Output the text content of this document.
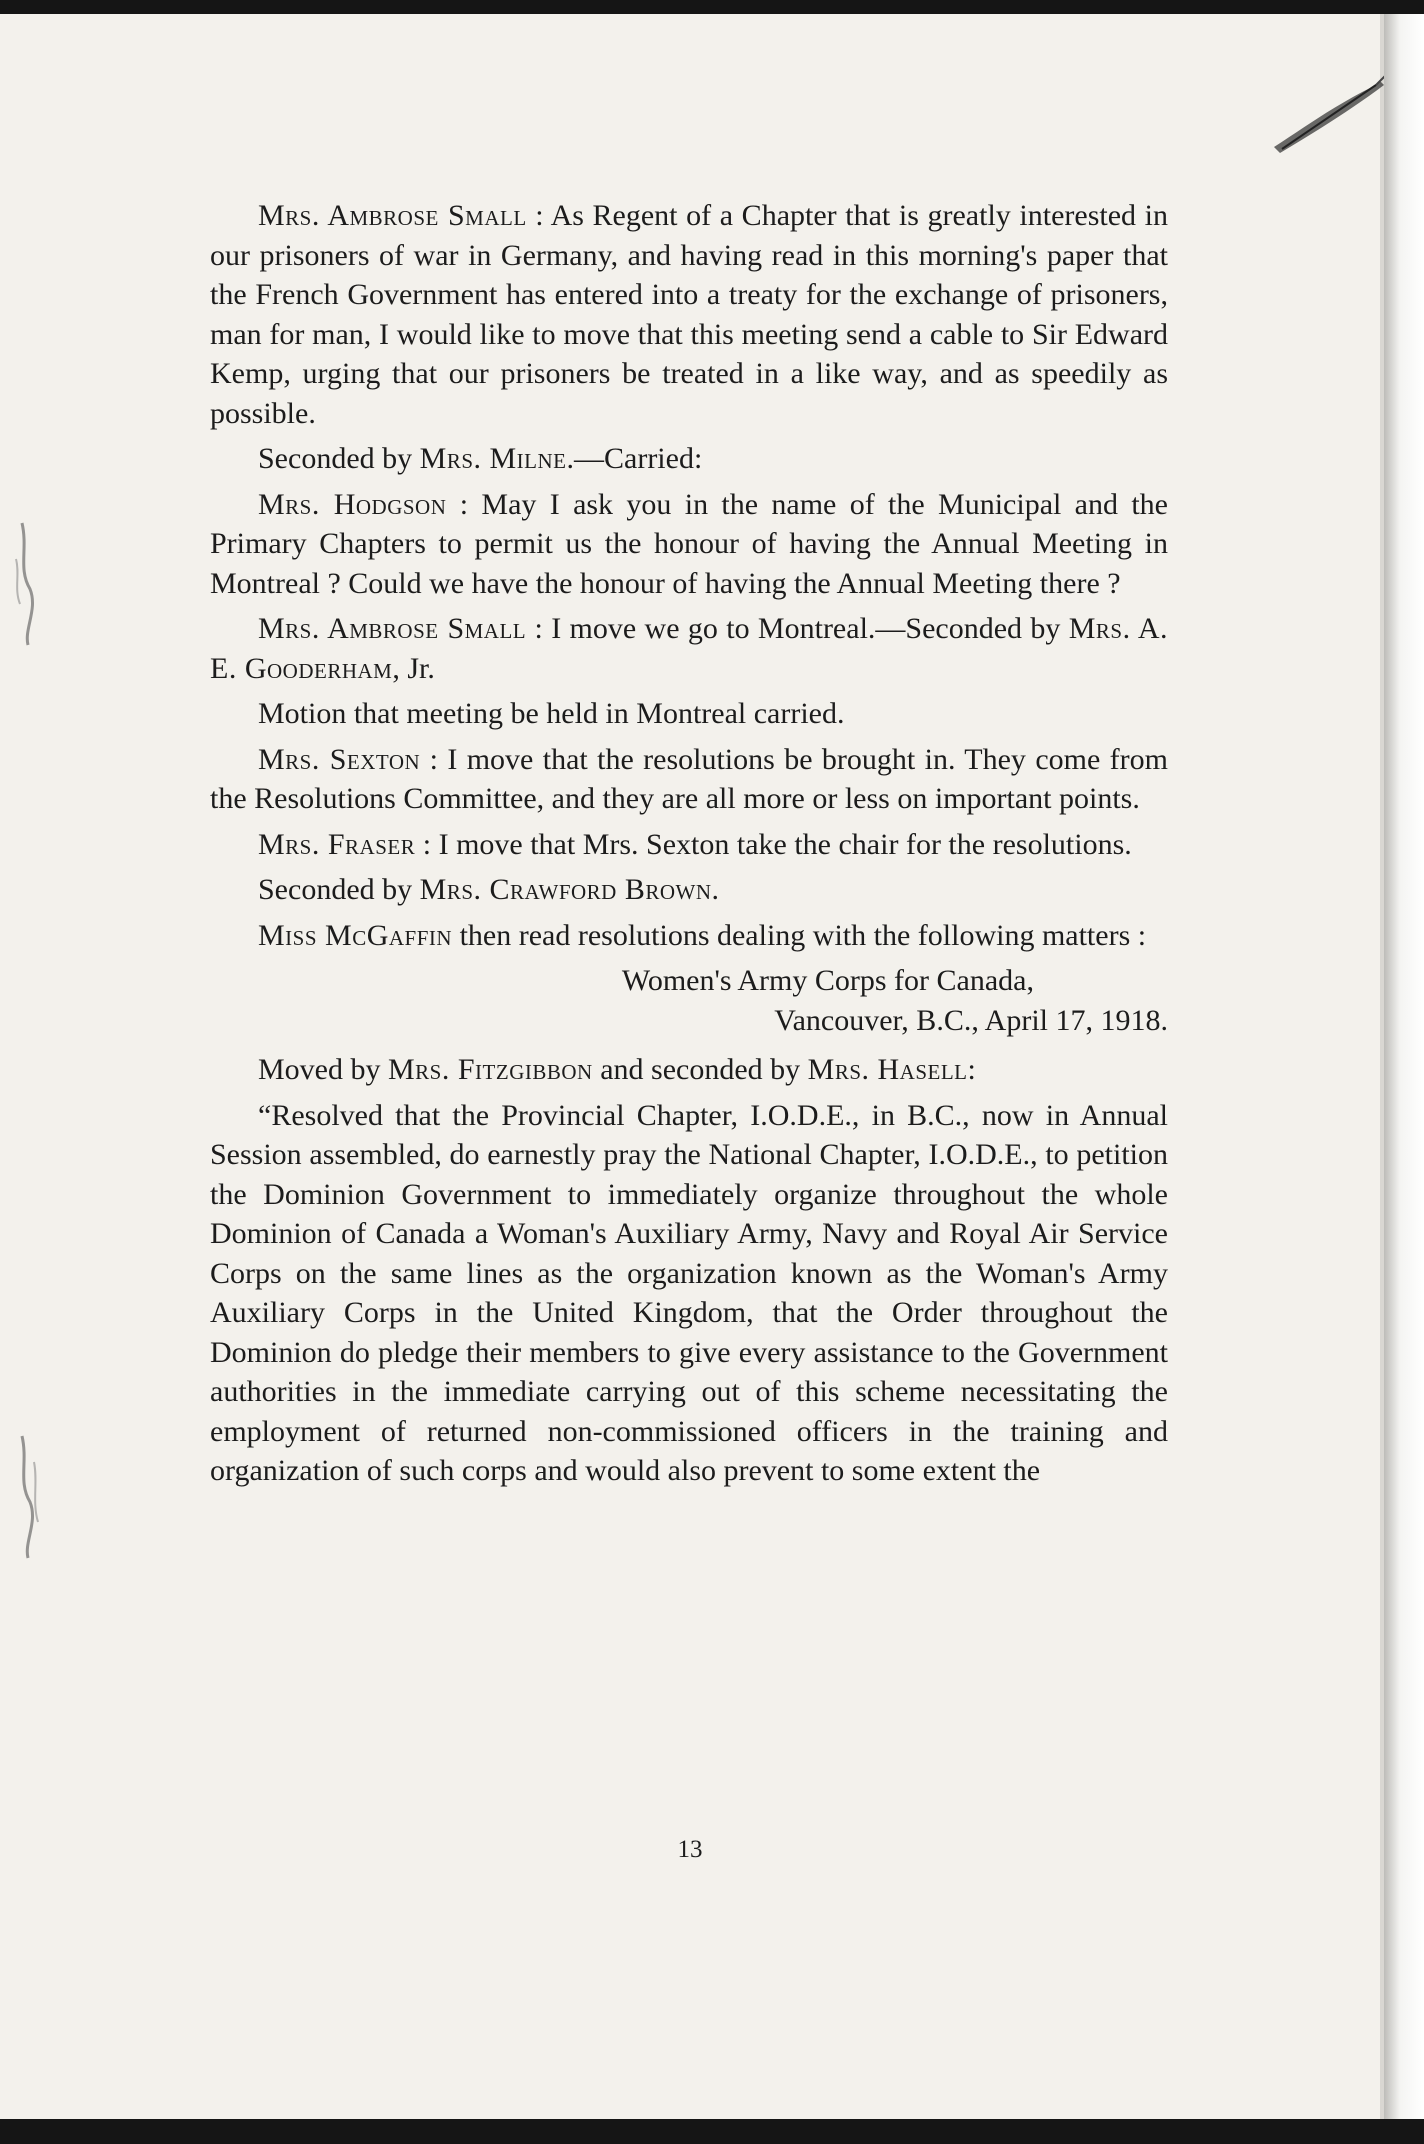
Mrs. Ambrose Small : As Regent of a Chapter that is greatly interested in our prisoners of war in Germany, and having read in this morning's paper that the French Government has entered into a treaty for the exchange of prisoners, man for man, I would like to move that this meeting send a cable to Sir Edward Kemp, urging that our prisoners be treated in a like way, and as speedily as possible.

Seconded by Mrs. Milne.—Carried:

Mrs. Hodgson : May I ask you in the name of the Municipal and the Primary Chapters to permit us the honour of having the Annual Meeting in Montreal ? Could we have the honour of having the Annual Meeting there ?

Mrs. Ambrose Small : I move we go to Montreal.—Seconded by Mrs. A. E. Gooderham, Jr.

Motion that meeting be held in Montreal carried.

Mrs. Sexton : I move that the resolutions be brought in. They come from the Resolutions Committee, and they are all more or less on important points.

Mrs. Fraser : I move that Mrs. Sexton take the chair for the resolutions.

Seconded by Mrs. Crawford Brown.

Miss McGaffin then read resolutions dealing with the following matters :

Women's Army Corps for Canada,

Vancouver, B.C., April 17, 1918.

Moved by Mrs. Fitzgibbon and seconded by Mrs. Hasell:

“Resolved that the Provincial Chapter, I.O.D.E., in B.C., now in Annual Session assembled, do earnestly pray the National Chapter, I.O.D.E., to petition the Dominion Government to immediately organize throughout the whole Dominion of Canada a Woman's Auxiliary Army, Navy and Royal Air Service Corps on the same lines as the organization known as the Woman's Army Auxiliary Corps in the United Kingdom, that the Order throughout the Dominion do pledge their members to give every assistance to the Government authorities in the immediate carrying out of this scheme necessitating the employment of returned non-commissioned officers in the training and organization of such corps and would also prevent to some extent the

13
